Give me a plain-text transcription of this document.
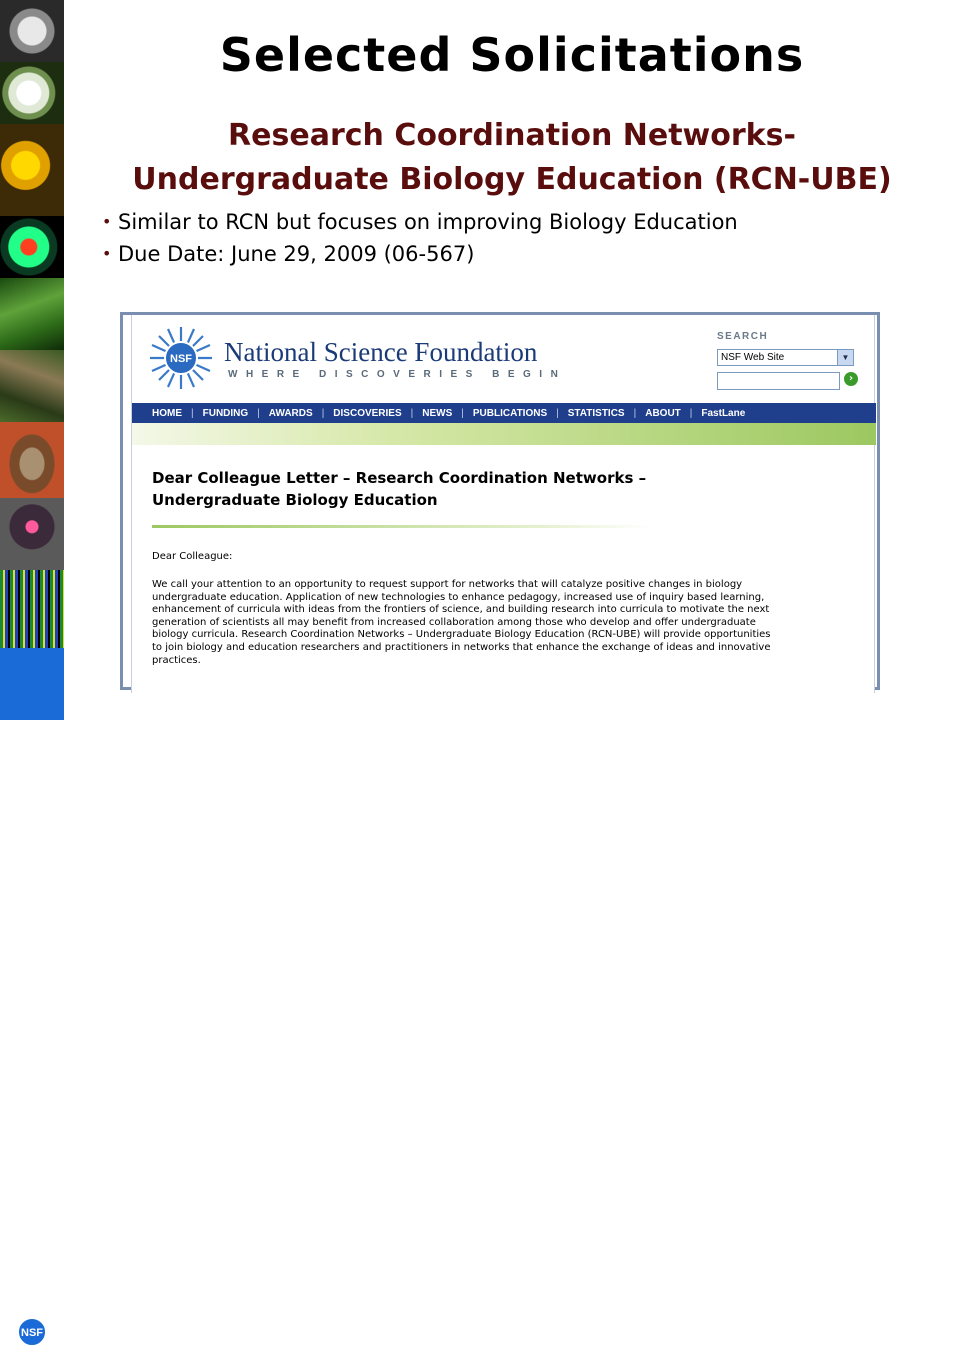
NSF
Selected Solicitations
Research Coordination Networks-
Undergraduate Biology Education (RCN-UBE)
• Similar to RCN but focuses on improving Biology Education
• Due Date: June 29, 2009 (06-567)
NSF National Science Foundation
WHERE DISCOVERIES BEGIN
SEARCH
NSF Web Site	▼
›
HOME | FUNDING | AWARDS | DISCOVERIES | NEWS | PUBLICATIONS | STATISTICS | ABOUT | FastLane
Dear Colleague Letter – Research Coordination Networks –
Undergraduate Biology Education
Dear Colleague:
We call your attention to an opportunity to request support for networks that will catalyze positive changes in biology
undergraduate education. Application of new technologies to enhance pedagogy, increased use of inquiry based learning,
enhancement of curricula with ideas from the frontiers of science, and building research into curricula to motivate the next
generation of scientists all may benefit from increased collaboration among those who develop and offer undergraduate
biology curricula. Research Coordination Networks – Undergraduate Biology Education (RCN-UBE) will provide opportunities
to join biology and education researchers and practitioners in networks that enhance the exchange of ideas and innovative
practices.
